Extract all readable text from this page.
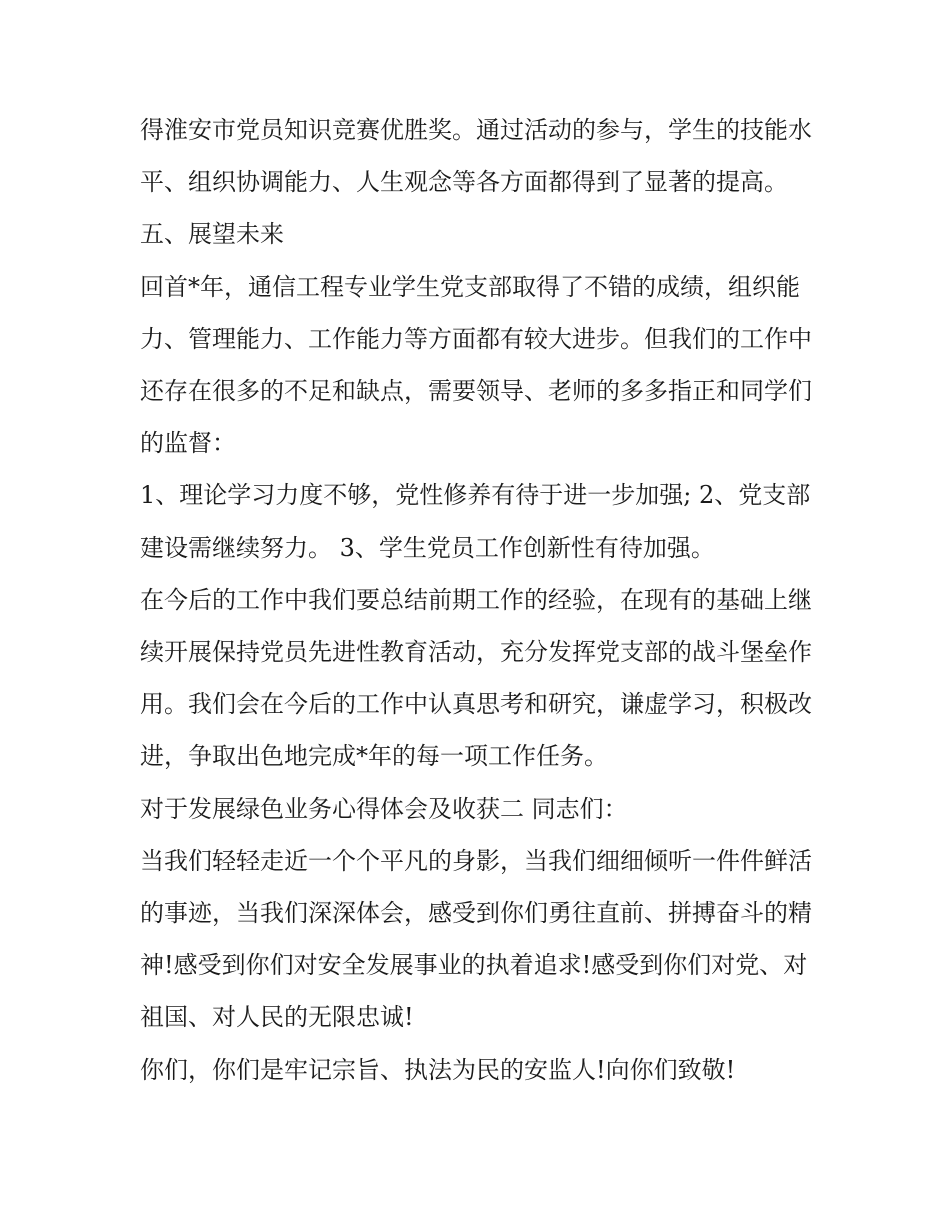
得淮安市党员知识竞赛优胜奖。通过活动的参与，学生的技能水平、组织协调能力、人生观念等各方面都得到了显著的提高。

五、展望未来

回首*年，通信工程专业学生党支部取得了不错的成绩，组织能力、管理能力、工作能力等方面都有较大进步。但我们的工作中还存在很多的不足和缺点，需要领导、老师的多多指正和同学们的监督：

1、理论学习力度不够，党性修养有待于进一步加强; 2、党支部建设需继续努力。 3、学生党员工作创新性有待加强。

在今后的工作中我们要总结前期工作的经验，在现有的基础上继续开展保持党员先进性教育活动，充分发挥党支部的战斗堡垒作用。我们会在今后的工作中认真思考和研究，谦虚学习，积极改进，争取出色地完成*年的每一项工作任务。

对于发展绿色业务心得体会及收获二 同志们：

当我们轻轻走近一个个平凡的身影，当我们细细倾听一件件鲜活的事迹，当我们深深体会，感受到你们勇往直前、拼搏奋斗的精神!感受到你们对安全发展事业的执着追求!感受到你们对党、对祖国、对人民的无限忠诚!

你们，你们是牢记宗旨、执法为民的安监人!向你们致敬!
